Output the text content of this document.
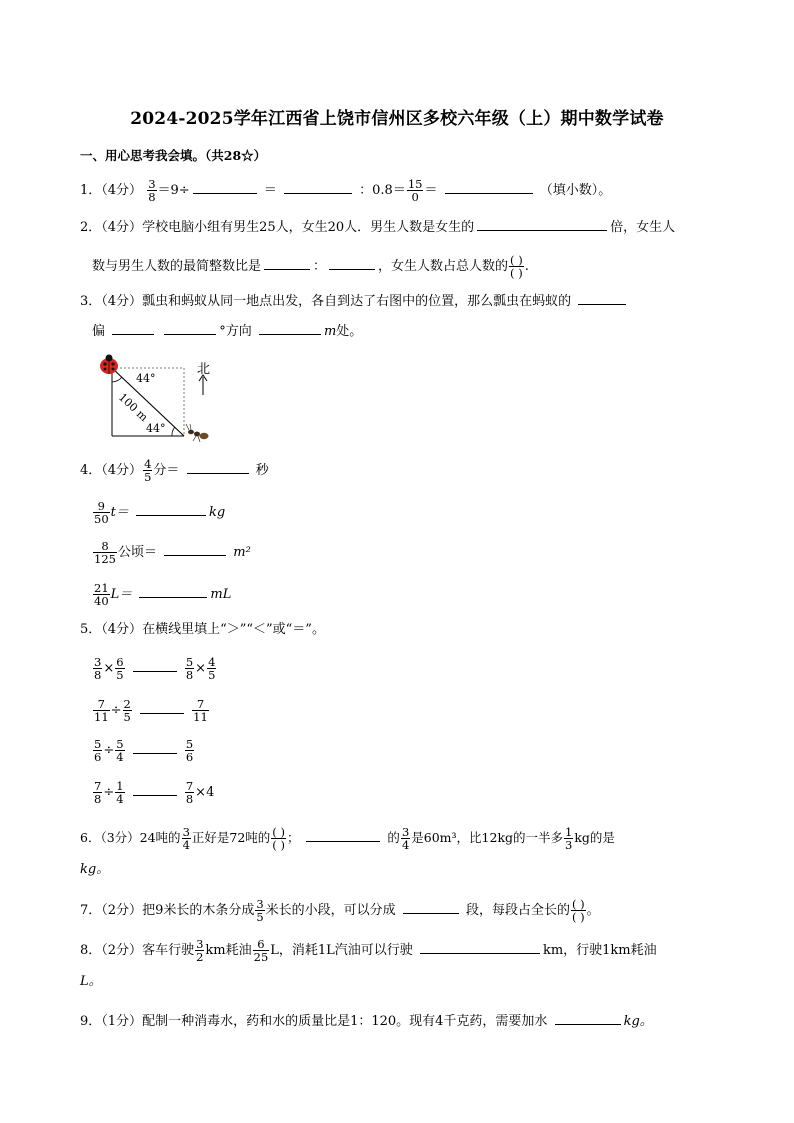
2024-2025学年江西省上饶市信州区多校六年级（上）期中数学试卷
一、用心思考我会填。（共28☆）
1．（4分） $\frac{3}{8} =9\div$	＝	：$0.8= \frac{15}{0}$ ＝	（填小数）。
2．（4分）学校电脑小组有男生25人，女生20人．男生人数是女生的	倍，女生人
数与男生人数的最简整数比是	：	，女生人数占总人数的 $\frac{( )}{( )}$ .
3．（4分）瓢虫和蚂蚁从同一地点出发，各自到达了右图中的位置，那么瓢虫在蚂蚁的
偏	°方向	m处。
44°
44°
100 m
北
4．（4分） $\frac{4}{5}$ 分＝	秒
$\frac{9}{50} t=$	kg
$\frac{8}{125}$ 公顷＝	m²
$\frac{21}{40} L=$	mL
5．（4分）在横线里填上“＞”“＜”或“＝”。
$\frac{3}{8} \times \frac{6}{5}$
	$\frac{5}{8} \times \frac{4}{5}$
$\frac{7}{11} \div \frac{2}{5}$
	$\frac{7}{11}$
$\frac{5}{6} \div \frac{5}{4}$
	$\frac{5}{6}$
$\frac{7}{8} \div \frac{1}{4}$
	$\frac{7}{8} \times 4$
6．（3分）24吨的 $\frac{3}{4}$ 正好是72吨的 $\frac{( )}{( )}$ ；	的 $\frac{3}{4}$ 是60m³，比12kg的一半多 $\frac{1}{3}$ kg的是
kg。
7．（2分）把9米长的木条分成 $\frac{3}{5}$ 米长的小段，可以分成	段，每段占全长的 $\frac{( )}{( )}$ 。
8．（2分）客车行驶 $\frac{3}{2}$ km耗油 $\frac{6}{25}$ L，消耗1L汽油可以行驶	km，行驶1km耗油
L。
9．（1分）配制一种消毒水，药和水的质量比是1：120。现有4千克药，需要加水	kg。
